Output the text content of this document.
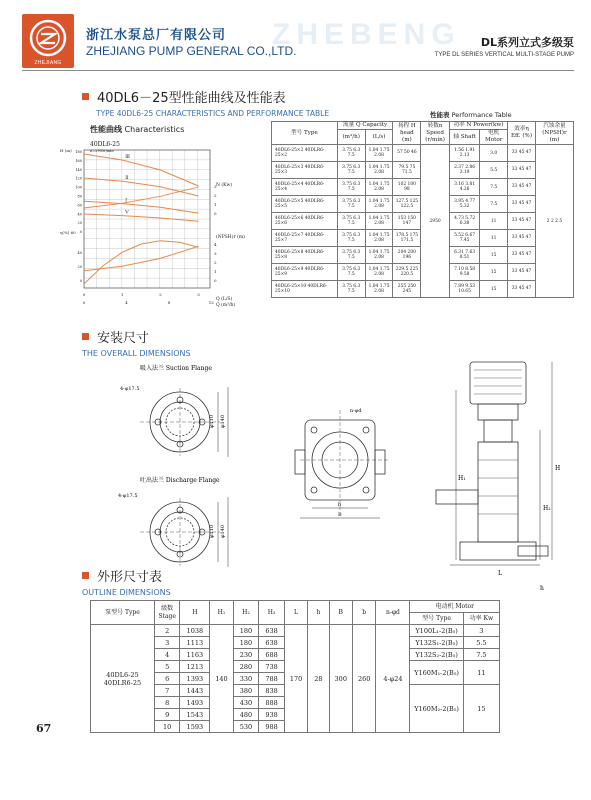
ZHEJIANG
ZHEBENG
浙江水泵总厂有限公司
ZHEJIANG PUMP GENERAL CO.,LTD.
DL系列立式多级泵
TYPE DL SERIES VERTICAL MULTI-STAGE PUMP
40DL6－25型性能曲线及性能表
TYPE 40DL6-25 CHARACTERISTICS AND PERFORMANCE TABLE
性能曲线 Characteristics
性能表 Performance Table
Ⅲ
Ⅱ
Ⅰ
Ⅴ
40DL6-25
n=2900r/min
H (m)
η(%) 60
N (Kw)
(NPSH)r (m)
Q (L/S)
Q (m³/h)
180
160
140
120
100
80
60
40
20
0
40
20
0
3
2
1
0
4
3
2
1
0
0	1	2	3
0	4	8	12
型号 Type	流量 Q Capacity		扬程 H head (m)	转数n Speed (r/min)	功率 N Power(kw)		效率η Eff. (%)	汽蚀余量 (NPSH)r (m)
	(m³/h)	(L/s)			轴 Shaft	电机 Motor		
40DL6-25×2 40DLR6-25×2	3.75 6.3 7.5	1.04 1.75 2.08	57 50 46	2950	1.56 1.91 2.13	3.0	33 45 47	2 2 2.5
40DL6-25×3 40DLR6-25×3	3.75 6.3 7.5	1.04 1.75 2.08	79.5 75 71.5		2.37 2.86 3.19	5.5	33 45 47	
40DL6-25×4 40DLR6-25×4	3.75 6.3 7.5	1.04 1.75 2.08	102 100 98		3.16 3.81 4.26	7.5	33 45 47	
40DL6-25×5 40DLR6-25×5	3.75 6.3 7.5	1.04 1.75 2.08	127.5 125 122.5		3.95 4.77 5.32	7.5	33 45 47	
40DL6-25×6 40DLR6-25×6	3.75 6.3 7.5	1.04 1.75 2.08	153 150 147		4.73 5.72 6.38	11	33 45 47	
40DL6-25×7 40DLR6-25×7	3.75 6.3 7.5	1.04 1.75 2.08	178.5 175 171.5		5.52 6.67 7.45	11	33 45 47	
40DL6-25×8 40DLR6-25×8	3.75 6.3 7.5	1.04 1.75 2.08	204 200 196		6.31 7.63 8.51	15	33 45 47	
40DL6-25×9 40DLR6-25×9	3.75 6.3 7.5	1.04 1.75 2.08	229.5 225 220.5		7.10 8.58 9.58	15	33 45 47	
40DL6-25×10 40DLR6-25×10	3.75 6.3 7.5	1.04 1.75 2.08	255 250 245		7.89 9.53 10.65	15	33 45 47	
安装尺寸
THE OVERALL DIMENSIONS
吸入法兰 Suction Flange
4-φ17.5
φ110 φ140
吐出法兰 Discharge Flange
4-φ17.5
φ110 φ140
n-φd
b
B
H₁
H₂
H
L
h
外形尺寸表
OUTLINE DIMENSIONS
泵型号 Type	级数 Stage	H	H₁	H₂	H₃	L	h	B	b	n-φd	电动机 Motor	
											型号 Type	功率 Kw
40DL6-25 40DLR6-25	2	1038	140	180	638	170	28	300	260	4-φ24	Y100L₁-2(B₅)	3
	3	1113		180	638						Y132S₁-2(B₅)	5.5
	4	1163		230	688						Y132S₂-2(B₅)	7.5
	5	1213		280	738						Y160M₁-2(B₅)	11
	6	1393		330	788							
	7	1443		380	838						Y160M₂-2(B₅)	15
	8	1493		430	888							
	9	1543		480	938							
	10	1593		530	988							
67
